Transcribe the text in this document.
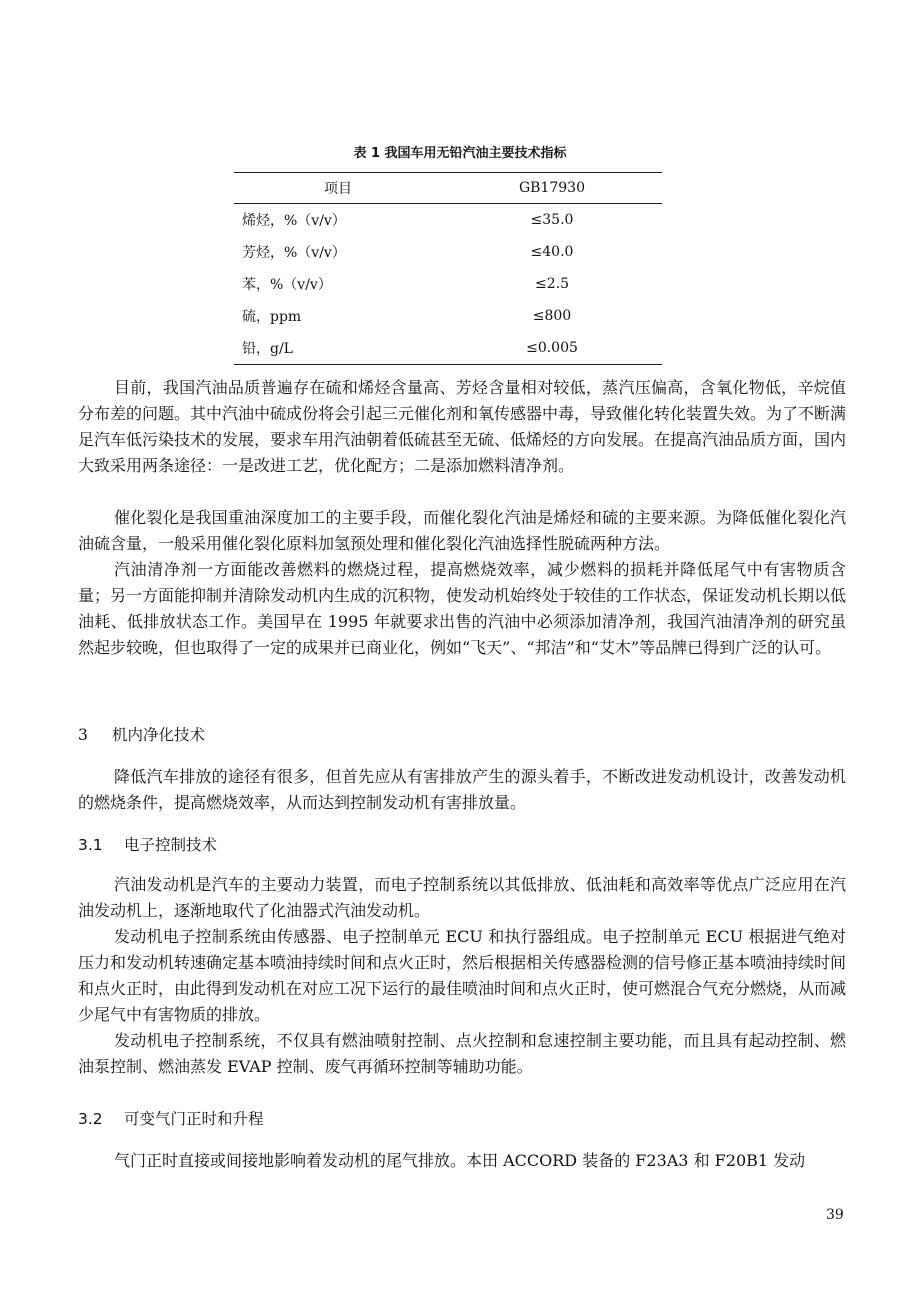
表 1 我国车用无铅汽油主要技术指标
项目	GB17930
烯烃，%（v/v）	≤35.0
芳烃，%（v/v）	≤40.0
苯，%（v/v）	≤2.5
硫，ppm	≤800
铅，g/L	≤0.005

目前，我国汽油品质普遍存在硫和烯烃含量高、芳烃含量相对较低，蒸汽压偏高，含氧化物低，辛烷值分布差的问题。其中汽油中硫成份将会引起三元催化剂和氧传感器中毒，导致催化转化装置失效。为了不断满足汽车低污染技术的发展，要求车用汽油朝着低硫甚至无硫、低烯烃的方向发展。在提高汽油品质方面，国内大致采用两条途径：一是改进工艺，优化配方；二是添加燃料清净剂。

催化裂化是我国重油深度加工的主要手段，而催化裂化汽油是烯烃和硫的主要来源。为降低催化裂化汽油硫含量，一般采用催化裂化原料加氢预处理和催化裂化汽油选择性脱硫两种方法。

汽油清净剂一方面能改善燃料的燃烧过程，提高燃烧效率，减少燃料的损耗并降低尾气中有害物质含量；另一方面能抑制并清除发动机内生成的沉积物，使发动机始终处于较佳的工作状态，保证发动机长期以低油耗、低排放状态工作。美国早在 1995 年就要求出售的汽油中必须添加清净剂，我国汽油清净剂的研究虽然起步较晚，但也取得了一定的成果并已商业化，例如“飞天”、“邦洁”和“艾木”等品牌已得到广泛的认可。

3 机内净化技术

降低汽车排放的途径有很多，但首先应从有害排放产生的源头着手，不断改进发动机设计，改善发动机的燃烧条件，提高燃烧效率，从而达到控制发动机有害排放量。

3.1 电子控制技术

汽油发动机是汽车的主要动力装置，而电子控制系统以其低排放、低油耗和高效率等优点广泛应用在汽油发动机上，逐渐地取代了化油器式汽油发动机。

发动机电子控制系统由传感器、电子控制单元 ECU 和执行器组成。电子控制单元 ECU 根据进气绝对压力和发动机转速确定基本喷油持续时间和点火正时，然后根据相关传感器检测的信号修正基本喷油持续时间和点火正时，由此得到发动机在对应工况下运行的最佳喷油时间和点火正时，使可燃混合气充分燃烧，从而减少尾气中有害物质的排放。

发动机电子控制系统，不仅具有燃油喷射控制、点火控制和怠速控制主要功能，而且具有起动控制、燃油泵控制、燃油蒸发 EVAP 控制、废气再循环控制等辅助功能。

3.2 可变气门正时和升程

气门正时直接或间接地影响着发动机的尾气排放。本田 ACCORD 装备的 F23A3 和 F20B1 发动

39
